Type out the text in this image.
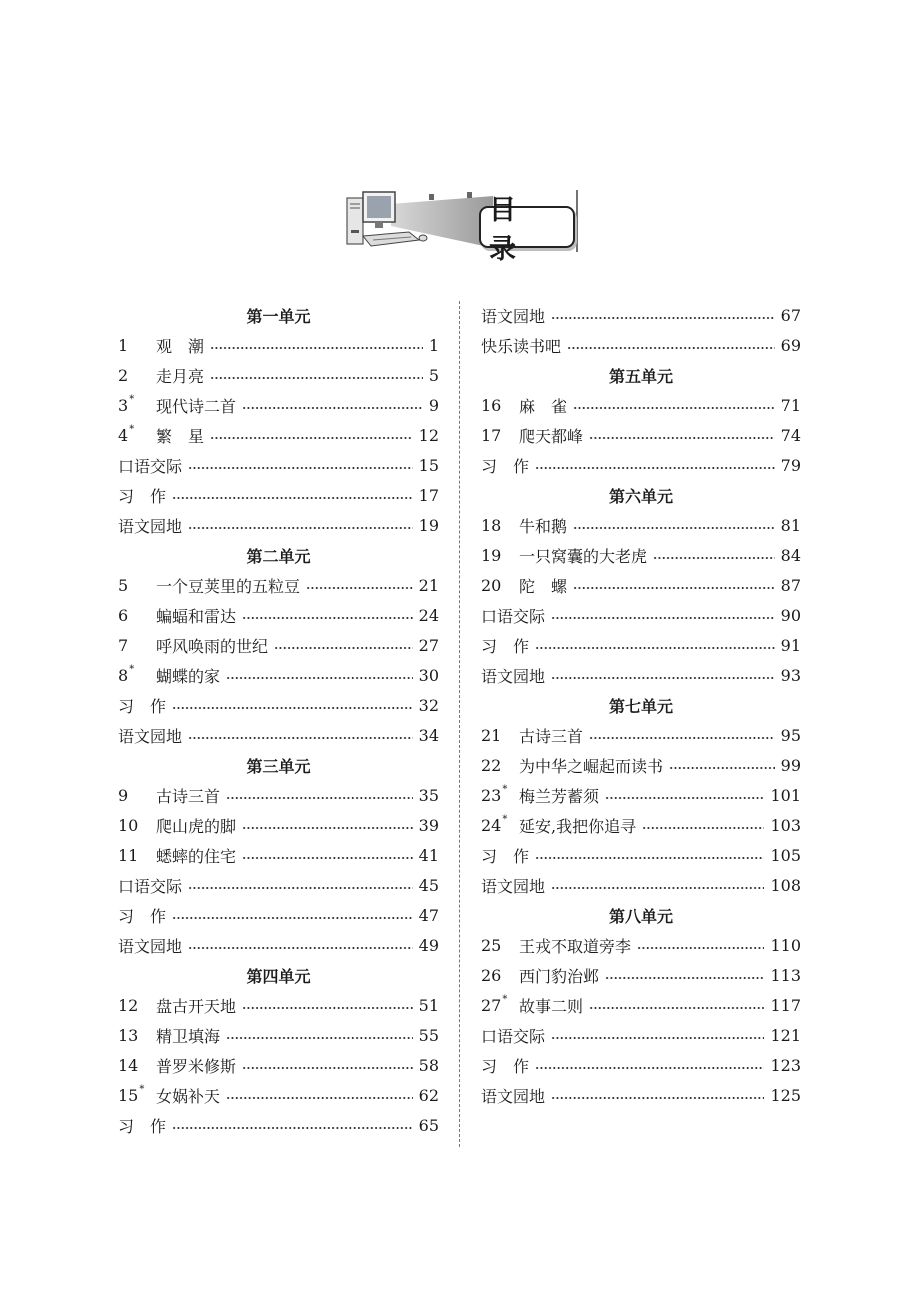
目 录
第一单元
1	观　潮	1
2	走月亮	5
3*	现代诗二首	9
4*	繁　星	12
口语交际	15
习　作	17
语文园地	19
第二单元
5	一个豆荚里的五粒豆	21
6	蝙蝠和雷达	24
7	呼风唤雨的世纪	27
8*	蝴蝶的家	30
习　作	32
语文园地	34
第三单元
9	古诗三首	35
10	爬山虎的脚	39
11	蟋蟀的住宅	41
口语交际	45
习　作	47
语文园地	49
第四单元
12	盘古开天地	51
13	精卫填海	55
14	普罗米修斯	58
15* 女娲补天	62
习　作	65
语文园地	67
快乐读书吧	69
第五单元
16	麻　雀	71
17	爬天都峰	74
习　作	79
第六单元
18	牛和鹅	81
19	一只窝囊的大老虎	84
20	陀　螺	87
口语交际	90
习　作	91
语文园地	93
第七单元
21	古诗三首	95
22	为中华之崛起而读书	99
23* 梅兰芳蓄须	101
24* 延安,我把你追寻	103
习　作	105
语文园地	108
第八单元
25	王戎不取道旁李	110
26	西门豹治邺	113
27* 故事二则	117
口语交际	121
习　作	123
语文园地	125
